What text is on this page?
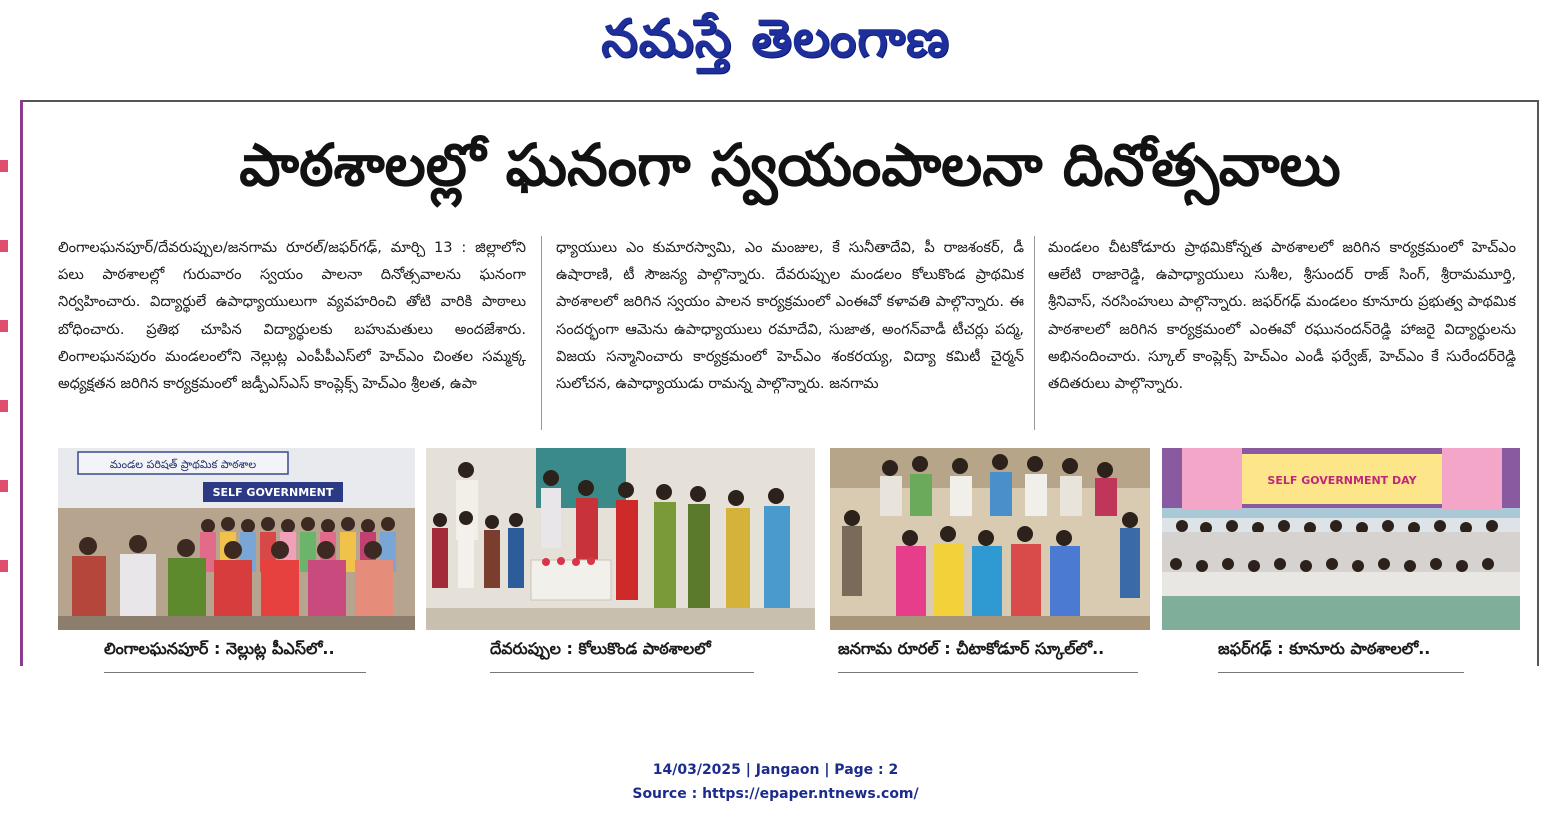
నమస్తే తెలంగాణ
పాఠశాలల్లో ఘనంగా స్వయంపాలనా దినోత్సవాలు

లింగాలఘనపూర్/దేవరుప్పుల/జనగామ రూరల్/జఫర్‌గఢ్, మార్చి 13 : జిల్లాలోని పలు పాఠశాలల్లో గురువారం స్వయం పాలనా దినోత్సవాలను ఘనంగా నిర్వహించారు. విద్యార్థులే ఉపాధ్యాయులుగా వ్యవహరించి తోటి వారికి పాఠాలు బోధించారు. ప్రతిభ చూపిన విద్యార్థులకు బహుమతులు అందజేశారు. లింగాలఘనపురం మండలంలోని నెల్లుట్ల ఎంపీపీఎస్‌లో హెచ్‌ఎం చింతల సమ్మక్క అధ్యక్షతన జరిగిన కార్యక్రమంలో జడ్పీఎస్ఎస్ కాంప్లెక్స్ హెచ్‌ఎం శ్రీలత, ఉపా

ధ్యాయులు ఎం కుమారస్వామి, ఎం మంజుల, కే సునీతాదేవి, పీ రాజశంకర్, డీ ఉషారాణి, టీ సౌజన్య పాల్గొన్నారు. దేవరుప్పుల మండలం కోలుకొండ ప్రాథమిక పాఠశాలలో జరిగిన స్వయం పాలన కార్యక్రమంలో ఎంఈవో కళావతి పాల్గొన్నారు. ఈ సందర్భంగా ఆమెను ఉపాధ్యాయులు రమాదేవి, సుజాత, అంగన్‌వాడీ టీచర్లు పద్మ, విజయ సన్మానించారు కార్యక్రమంలో హెచ్‌ఎం శంకరయ్య, విద్యా కమిటీ చైర్మన్ సులోచన, ఉపాధ్యాయుడు రామన్న పాల్గొన్నారు. జనగామ

మండలం చీటకోడూరు ప్రాథమికోన్నత పాఠశాలలో జరిగిన కార్యక్రమంలో హెచ్‌ఎం ఆలేటి రాజారెడ్డి, ఉపాధ్యాయులు సుశీల, శ్రీసుందర్ రాజ్ సింగ్, శ్రీరామమూర్తి, శ్రీనివాస్, నరసింహులు పాల్గొన్నారు. జఫర్‌గఢ్ మండలం కూనూరు ప్రభుత్వ పాథమిక పాఠశాలలో జరిగిన కార్యక్రమంలో ఎంఈవో రఘునందన్‌రెడ్డి హాజరై విద్యార్థులను అభినందించారు. స్కూల్ కాంప్లెక్స్ హెచ్‌ఎం ఎండీ ఫర్వేజ్, హెచ్‌ఎం కే సురేందర్‌రెడ్డి తదితరులు పాల్గొన్నారు.

మండల పరిషత్ ప్రాథమిక పాఠశాల
SELF GOVERNMENT
SELF GOVERNMENT DAY
లింగాలఘనపూర్ : నెల్లుట్ల పీఎస్‌లో..	దేవరుప్పుల : కోలుకొండ పాఠశాలలో	జనగామ రూరల్ : చీటాకోడూర్ స్కూల్‌లో..	జఫర్‌గఢ్ : కూనూరు పాఠశాలలో..
14/03/2025 | Jangaon | Page : 2
Source : https://epaper.ntnews.com/
